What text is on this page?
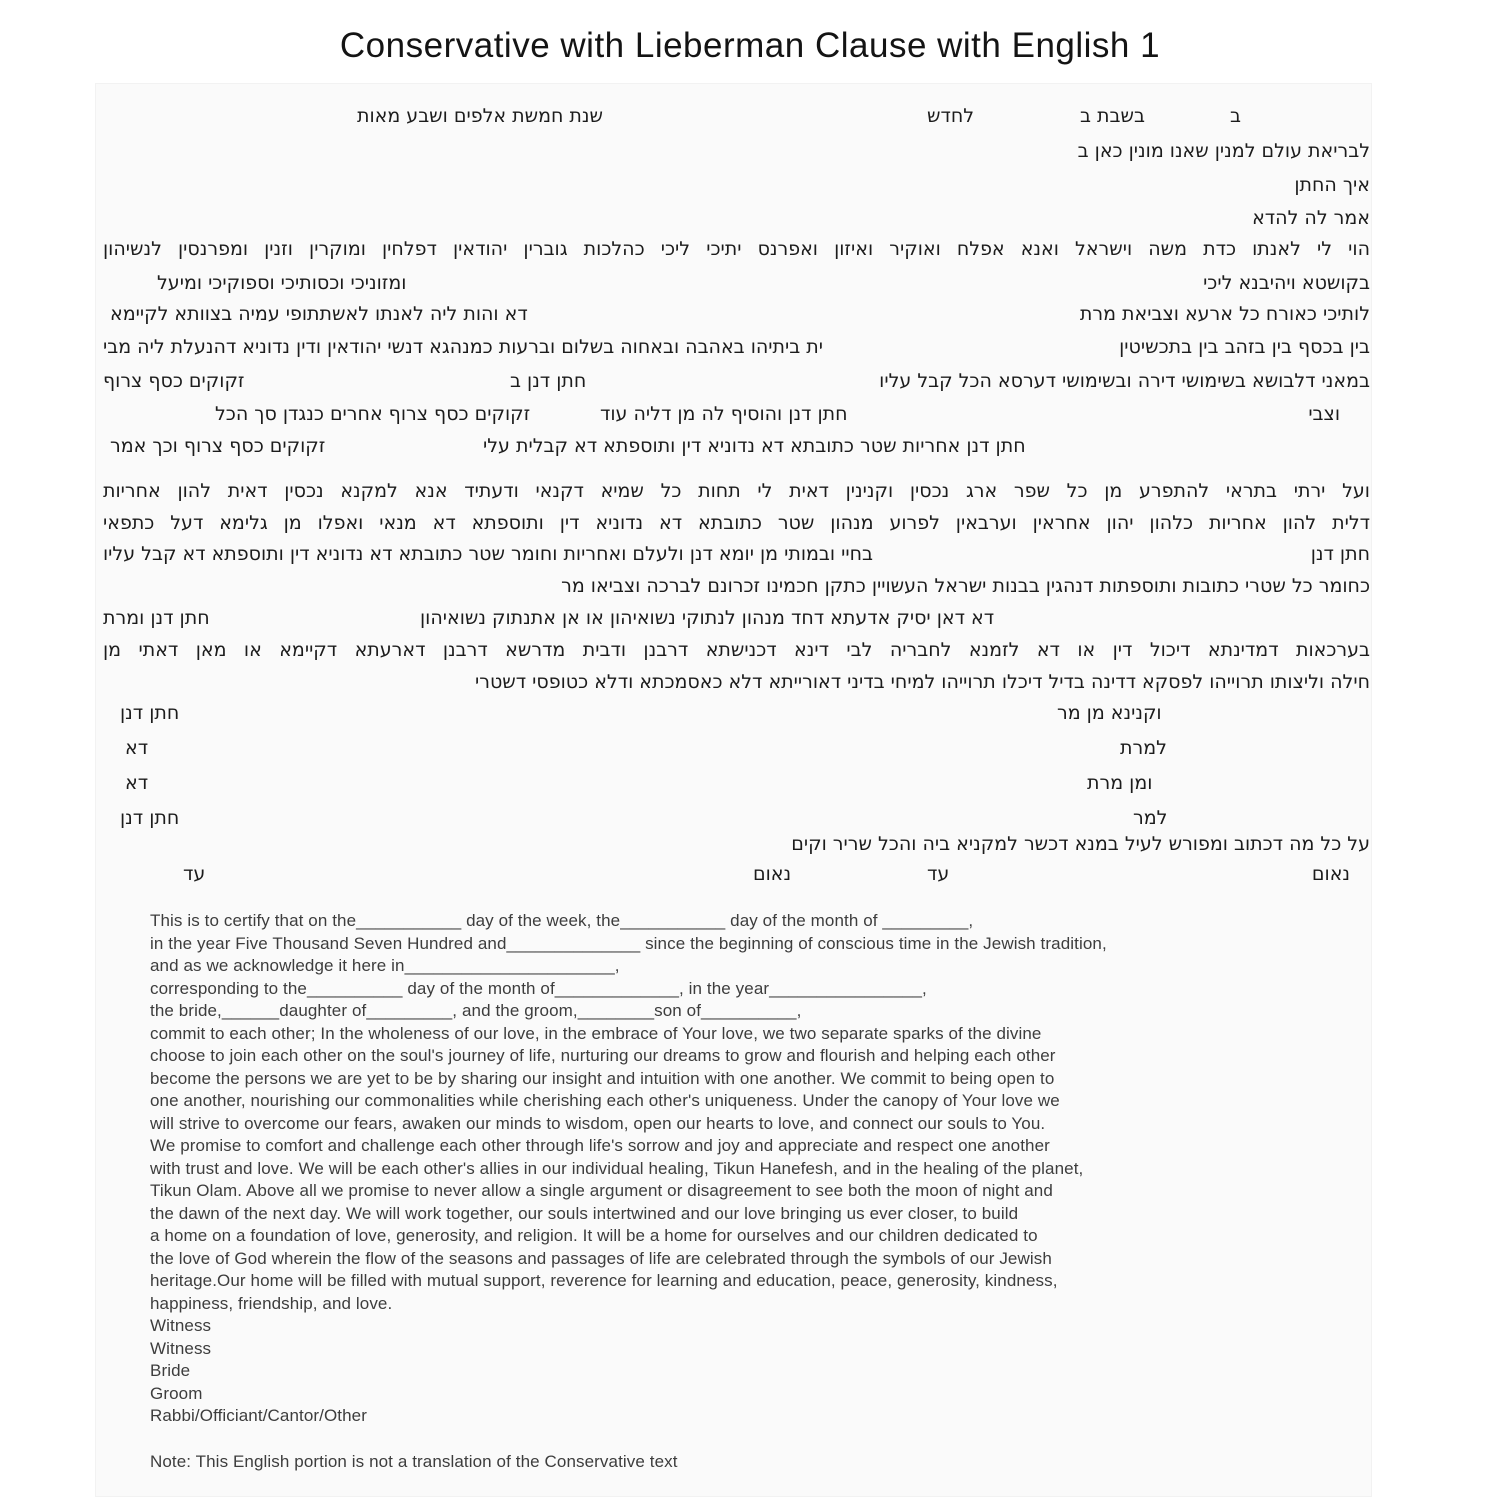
Conservative with Lieberman Clause with English 1
שנת חמשת אלפים ושבע מאות	לחדש	בשבת ב	ב
לבריאת עולם למנין שאנו מונין כאן ב
איך החתן
אמר לה להדא
הוי לי לאנתו כדת משה וישראל ואנא אפלח ואוקיר ואיזון ואפרנס יתיכי ליכי כהלכות גוברין יהודאין דפלחין ומוקרין וזנין ומפרנסין לנשיהון
ומזוניכי וכסותיכי וספוקיכי ומיעל	בקושטא ויהיבנא ליכי
דא והות ליה לאנתו לאשתתופי עמיה בצוותא לקיימא	לותיכי כאורח כל ארעא וצביאת מרת
ית ביתיהו באהבה ובאחוה בשלום וברעות כמנהגא דנשי יהודאין ודין נדוניא דהנעלת ליה מבי	בין בכסף בין בזהב בין בתכשיטין
זקוקים כסף צרוף	חתן דנן ב	במאני דלבושא בשימושי דירה ובשימושי דערסא הכל קבל עליו
זקוקים כסף צרוף אחרים כנגדן סך הכל	חתן דנן והוסיף לה מן דליה עוד	וצבי
זקוקים כסף צרוף וכך אמר	חתן דנן אחריות שטר כתובתא דא נדוניא דין ותוספתא דא קבלית עלי
ועל ירתי בתראי להתפרע מן כל שפר ארג נכסין וקנינין דאית לי תחות כל שמיא דקנאי ודעתיד אנא למקנא נכסין דאית להון אחריות
דלית להון אחריות כלהון יהון אחראין וערבאין לפרוע מנהון שטר כתובתא דא נדוניא דין ותוספתא דא מנאי ואפלו מן גלימא דעל כתפאי
בחיי ובמותי מן יומא דנן ולעלם ואחריות וחומר שטר כתובתא דא נדוניא דין ותוספתא דא קבל עליו	חתן דנן
כחומר כל שטרי כתובות ותוספתות דנהגין בבנות ישראל העשויין כתקן חכמינו זכרונם לברכה וצביאו מר
חתן דנן ומרת	דא דאן יסיק אדעתא דחד מנהון לנתוקי נשואיהון או אן אתנתוק נשואיהון
בערכאות דמדינתא דיכול דין או דא לזמנא לחבריה לבי דינא דכנישתא דרבנן ודבית מדרשא דרבנן דארעתא דקיימא או מאן דאתי מן
חילה וליצותו תרוייהו לפסקא דדינה בדיל דיכלו תרוייהו למיחי בדיני דאורייתא דלא כאסמכתא ודלא כטופסי דשטרי
חתן דנן	וקנינא מן מר
דא	למרת
דא	ומן מרת
חתן דנן	למר
על כל מה דכתוב ומפורש לעיל במנא דכשר למקניא ביה והכל שריר וקים
עד	נאום	עד	נאום
This is to certify that on the___________ day of the week, the___________ day of the month of _________,
in the year Five Thousand Seven Hundred and______________ since the beginning of conscious time in the Jewish tradition,
and as we acknowledge it here in______________________,
corresponding to the__________ day of the month of_____________, in the year________________,
the bride,______daughter of_________, and the groom,________son of__________,
commit to each other; In the wholeness of our love, in the embrace of Your love, we two separate sparks of the divine
choose to join each other on the soul's journey of life, nurturing our dreams to grow and flourish and helping each other
become the persons we are yet to be by sharing our insight and intuition with one another. We commit to being open to
one another, nourishing our commonalities while cherishing each other's uniqueness. Under the canopy of Your love we
will strive to overcome our fears, awaken our minds to wisdom, open our hearts to love, and connect our souls to You.
We promise to comfort and challenge each other through life's sorrow and joy and appreciate and respect one another
with trust and love. We will be each other's allies in our individual healing, Tikun Hanefesh, and in the healing of the planet,
Tikun Olam. Above all we promise to never allow a single argument or disagreement to see both the moon of night and
the dawn of the next day. We will work together, our souls intertwined and our love bringing us ever closer, to build
a home on a foundation of love, generosity, and religion. It will be a home for ourselves and our children dedicated to
the love of God wherein the flow of the seasons and passages of life are celebrated through the symbols of our Jewish
heritage.Our home will be filled with mutual support, reverence for learning and education, peace, generosity, kindness,
happiness, friendship, and love.
Witness
Witness
Bride
Groom
Rabbi/Officiant/Cantor/Other
Note: This English portion is not a translation of the Conservative text
